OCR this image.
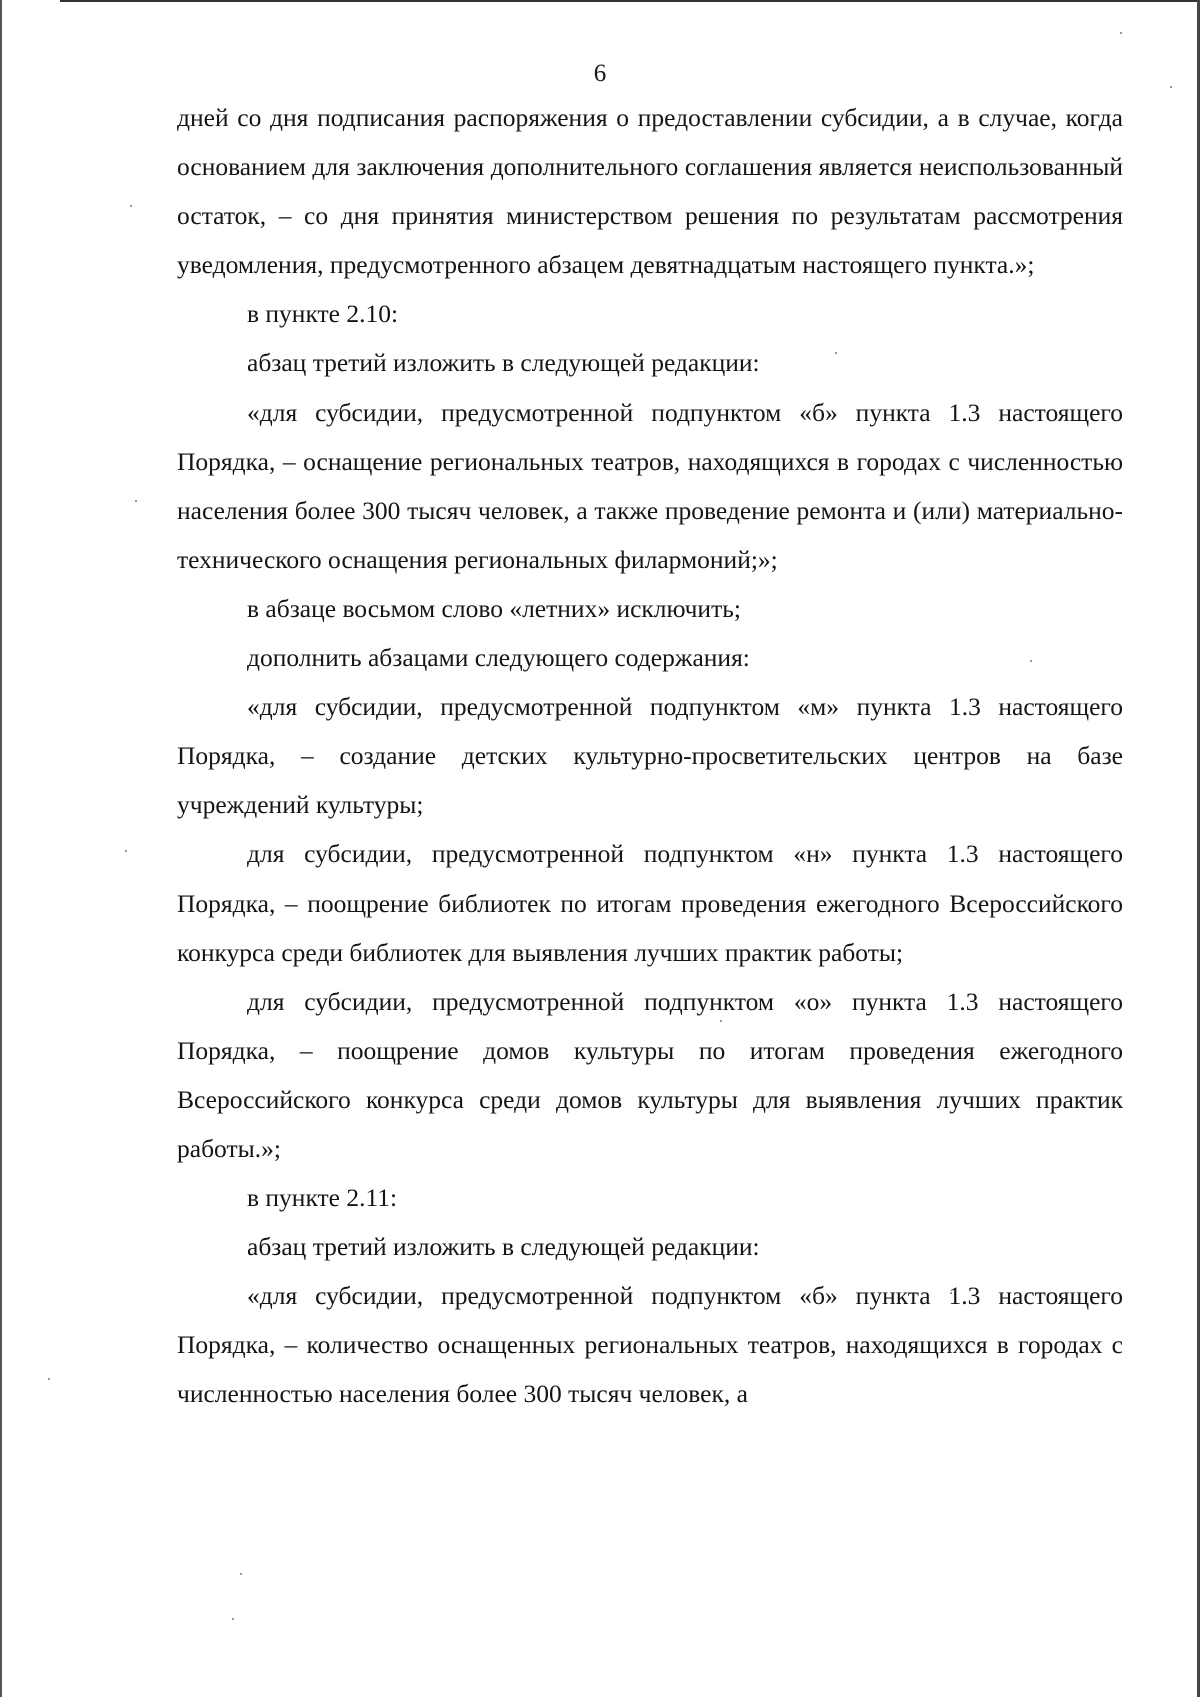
6

дней со дня подписания распоряжения о предоставлении субсидии, а в случае, когда основанием для заключения дополнительного соглашения является неиспользованный остаток, – со дня принятия министерством решения по результатам рассмотрения уведомления, предусмотренного абзацем девятнадцатым настоящего пункта.»;

в пункте 2.10:

абзац третий изложить в следующей редакции:

«для субсидии, предусмотренной подпунктом «б» пункта 1.3 настоящего Порядка, – оснащение региональных театров, находящихся в городах с численностью населения более 300 тысяч человек, а также проведение ремонта и (или) материально-технического оснащения региональных филармоний;»;

в абзаце восьмом слово «летних» исключить;

дополнить абзацами следующего содержания:

«для субсидии, предусмотренной подпунктом «м» пункта 1.3 настоящего Порядка, – создание детских культурно-просветительских центров на базе учреждений культуры;

для субсидии, предусмотренной подпунктом «н» пункта 1.3 настоящего Порядка, – поощрение библиотек по итогам проведения ежегодного Всероссийского конкурса среди библиотек для выявления лучших практик работы;

для субсидии, предусмотренной подпунктом «о» пункта 1.3 настоящего Порядка, – поощрение домов культуры по итогам проведения ежегодного Всероссийского конкурса среди домов культуры для выявления лучших практик работы.»;

в пункте 2.11:

абзац третий изложить в следующей редакции:

«для субсидии, предусмотренной подпунктом «б» пункта 1.3 настоящего Порядка, – количество оснащенных региональных театров, находящихся в городах с численностью населения более 300 тысяч человек, а
